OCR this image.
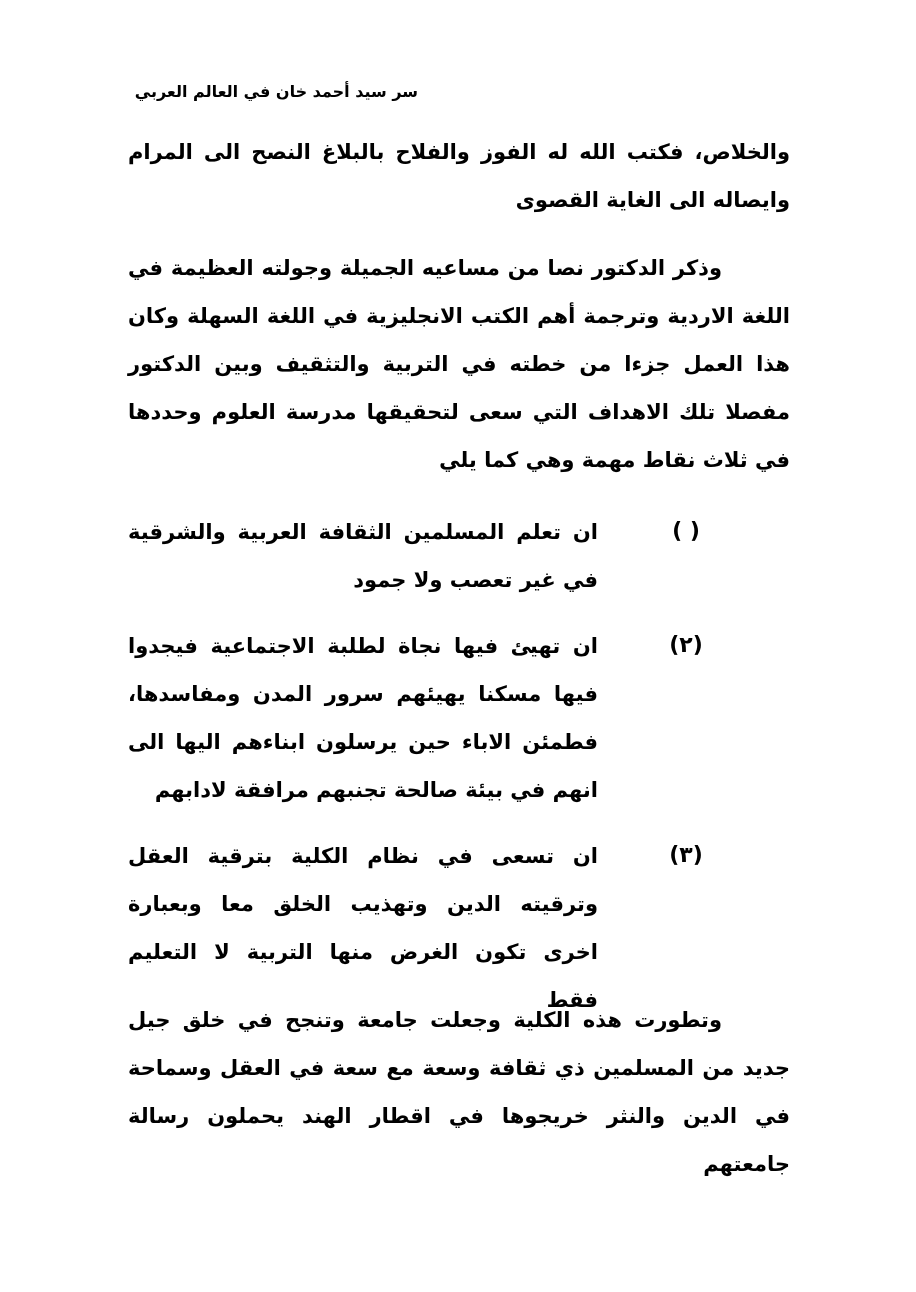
سر سيد أحمد خان في العالم العربي
والخلاص، فكتب الله له الفوز والفلاح بالبلاغ النصح الى المرام وايصاله الى الغاية القصوى
وذكر الدكتور نصا من مساعيه الجميلة وجولته العظيمة في اللغة الاردية وترجمة أهم الكتب الانجليزية في اللغة السهلة وكان هذا العمل جزءا من خطته في التربية والتثقيف وبين الدكتور مفصلا تلك الاهداف التي سعى لتحقيقها مدرسة العلوم وحددها في ثلاث نقاط مهمة وهي كما يلي
( )
ان تعلم المسلمين الثقافة العربية والشرقية في غير تعصب ولا جمود
(٢)
ان تهيئ فيها نجاة لطلبة الاجتماعية فيجدوا فيها مسكنا يهيئهم سرور المدن ومفاسدها، فطمئن الاباء حين يرسلون ابناءهم اليها الى انهم في بيئة صالحة تجنبهم مرافقة لادابهم
(٣)
ان تسعى في نظام الكلية بترقية العقل وترقيته الدين وتهذيب الخلق معا وبعبارة اخرى تكون الغرض منها التربية لا التعليم فقط
وتطورت هذه الكلية وجعلت جامعة وتنجح في خلق جيل جديد من المسلمين ذي ثقافة وسعة مع سعة في العقل وسماحة في الدين والنثر خريجوها في اقطار الهند يحملون رسالة جامعتهم
